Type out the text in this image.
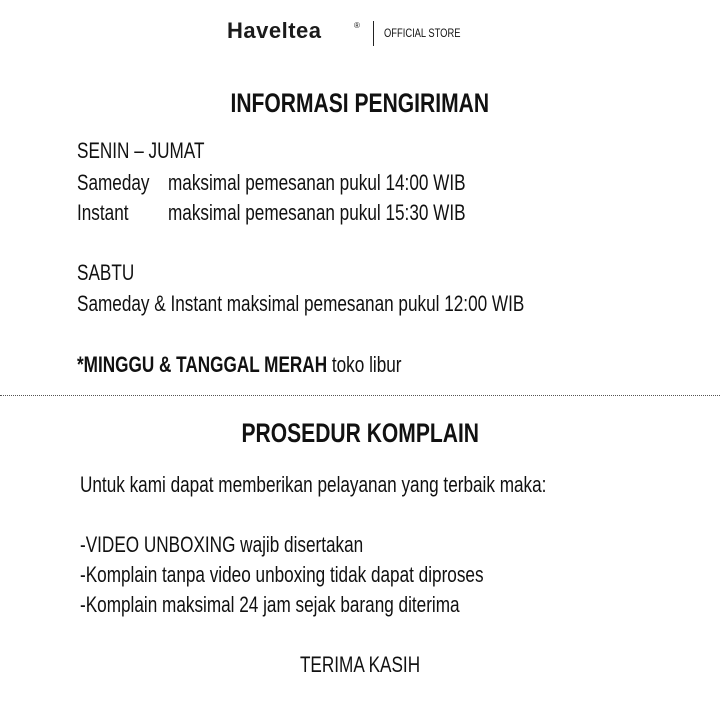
Haveltea	®
OFFICIAL STORE
INFORMASI PENGIRIMAN
SENIN – JUMAT
Sameday maksimal pemesanan pukul 14:00 WIB
Instant	maksimal pemesanan pukul 15:30 WIB
SABTU
Sameday & Instant maksimal pemesanan pukul 12:00 WIB
*MINGGU & TANGGAL MERAH toko libur
PROSEDUR KOMPLAIN
Untuk kami dapat memberikan pelayanan yang terbaik maka:
-VIDEO UNBOXING wajib disertakan
-Komplain tanpa video unboxing tidak dapat diproses
-Komplain maksimal 24 jam sejak barang diterima
TERIMA KASIH
